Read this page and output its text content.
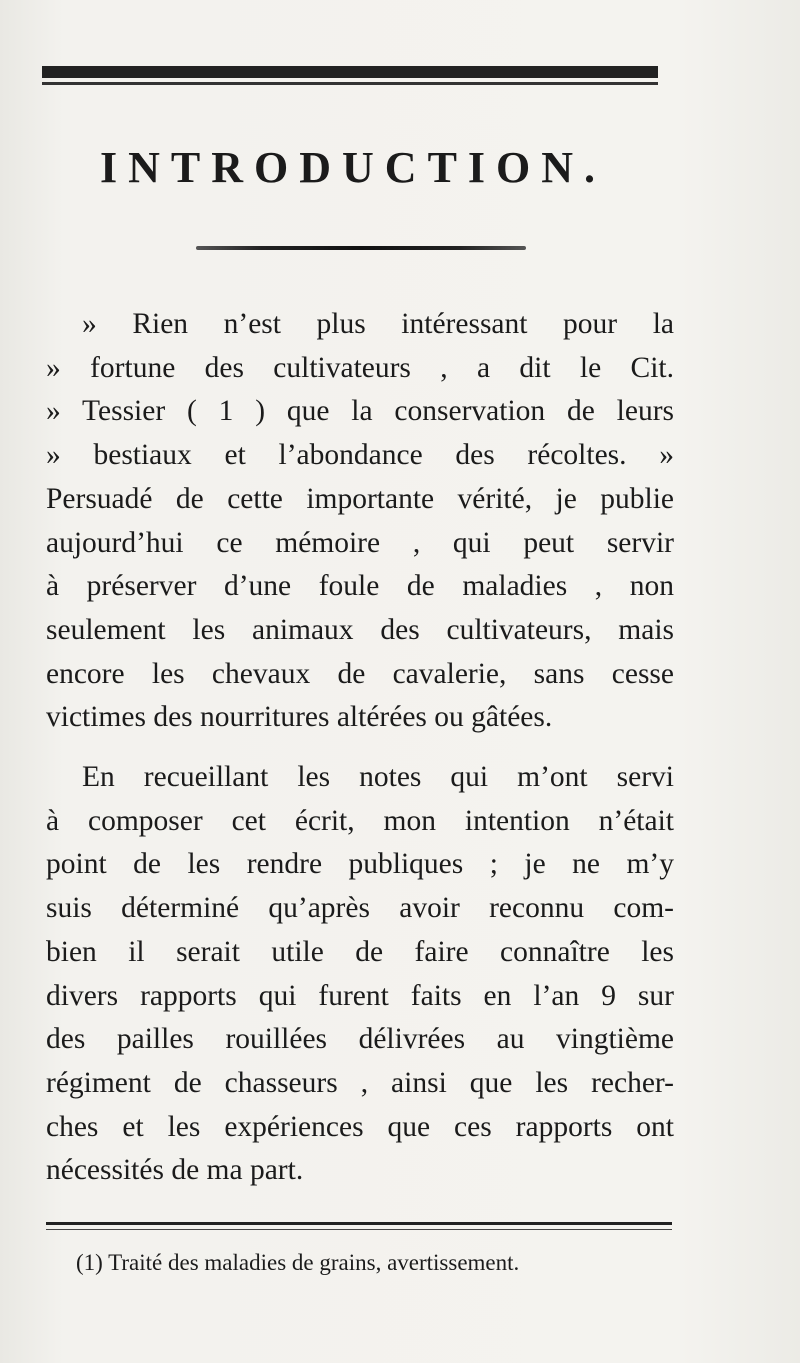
INTRODUCTION.

» Rien n’est plus intéressant pour la
» fortune des cultivateurs , a dit le Cit.
» Tessier ( 1 ) que la conservation de leurs
» bestiaux et l’abondance des récoltes. »
Persuadé de cette importante vérité, je publie
aujourd’hui ce mémoire , qui peut servir
à préserver d’une foule de maladies , non
seulement les animaux des cultivateurs, mais
encore les chevaux de cavalerie, sans cesse
victimes des nourritures altérées ou gâtées.

En recueillant les notes qui m’ont servi
à composer cet écrit, mon intention n’était
point de les rendre publiques ; je ne m’y
suis déterminé qu’après avoir reconnu com-
bien il serait utile de faire connaître les
divers rapports qui furent faits en l’an 9 sur
des pailles rouillées délivrées au vingtième
régiment de chasseurs , ainsi que les recher-
ches et les expériences que ces rapports ont
nécessités de ma part.

(1) Traité des maladies de grains, avertissement.
